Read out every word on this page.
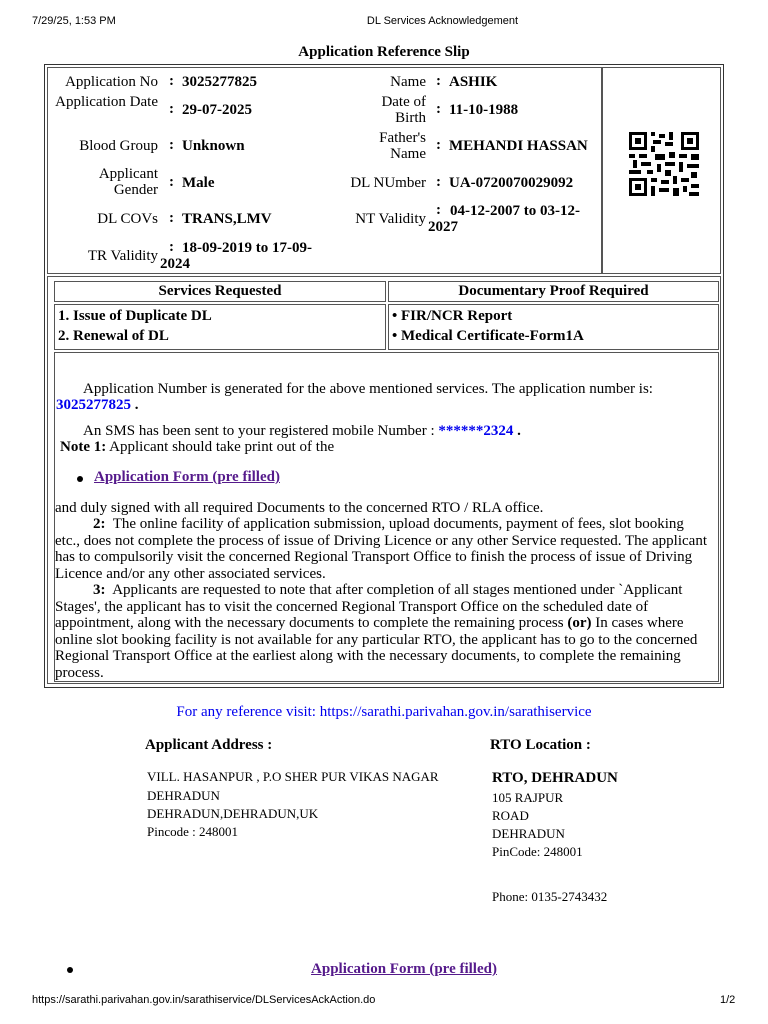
7/29/25, 1:53 PM	DL Services Acknowledgement
Application Reference Slip
Application No : 3025277825
Application Date : 29-07-2025
Blood Group : Unknown
Applicant Gender : Male
DL COVs : TRANS,LMV
TR Validity
: 18-09-2019 to 17-09-2024
Name : ASHIK
Date of Birth
: 11-10-1988
Father's Name
: MEHANDI HASSAN
DL NUmber : UA-0720070029092
NT Validity
: 04-12-2007 to 03-12-2027
Services Requested	Documentary Proof Required
1. Issue of Duplicate DL
2. Renewal of DL
• FIR/NCR Report
• Medical Certificate-Form1A
Application Number is generated for the above mentioned services. The application number is:
3025277825 .
An SMS has been sent to your registered mobile Number : ******2324 .
Note 1: Applicant should take print out of the
Application Form (pre filled)
and duly signed with all required Documents to the concerned RTO / RLA office.
2: The online facility of application submission, upload documents, payment of fees, slot booking etc., does not complete the process of issue of Driving Licence or any other Service requested. The applicant has to compulsorily visit the concerned Regional Transport Office to finish the process of issue of Driving Licence and/or any other associated services.
3: Applicants are requested to note that after completion of all stages mentioned under `Applicant Stages', the applicant has to visit the concerned Regional Transport Office on the scheduled date of appointment, along with the necessary documents to complete the remaining process (or) In cases where online slot booking facility is not available for any particular RTO, the applicant has to go to the concerned Regional Transport Office at the earliest along with the necessary documents, to complete the remaining process.
For any reference visit: https://sarathi.parivahan.gov.in/sarathiservice
Applicant Address :
VILL. HASANPUR , P.O SHER PUR VIKAS NAGAR
DEHRADUN
DEHRADUN,DEHRADUN,UK
Pincode : 248001
RTO Location :
RTO, DEHRADUN
105 RAJPUR
ROAD
DEHRADUN
PinCode: 248001
Phone: 0135-2743432
Application Form (pre filled)
https://sarathi.parivahan.gov.in/sarathiservice/DLServicesAckAction.do	1/2
